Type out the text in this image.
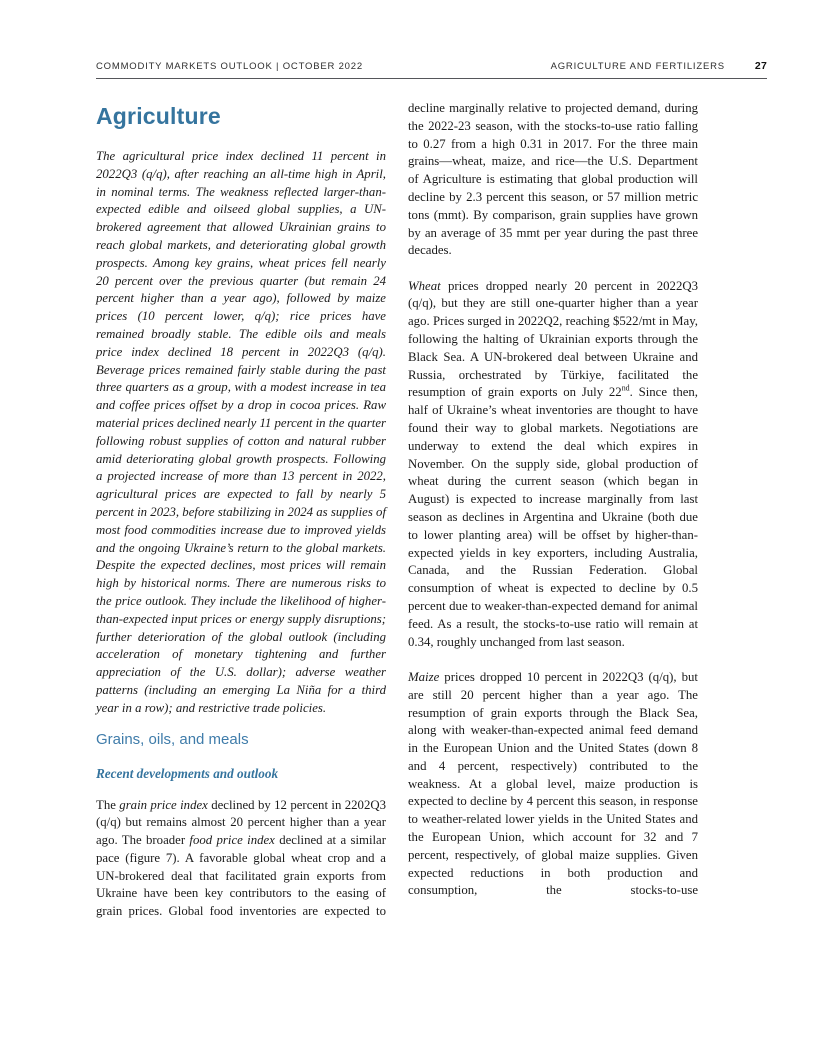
COMMODITY MARKETS OUTLOOK | OCTOBER 2022	AGRICULTURE AND FERTILIZERS	27
Agriculture

The agricultural price index declined 11 percent in 2022Q3 (q/q), after reaching an all-time high in April, in nominal terms. The weakness reflected larger-than-expected edible and oilseed global supplies, a UN-brokered agreement that allowed Ukrainian grains to reach global markets, and deteriorating global growth prospects. Among key grains, wheat prices fell nearly 20 percent over the previous quarter (but remain 24 percent higher than a year ago), followed by maize prices (10 percent lower, q/q); rice prices have remained broadly stable. The edible oils and meals price index declined 18 percent in 2022Q3 (q/q). Beverage prices remained fairly stable during the past three quarters as a group, with a modest increase in tea and coffee prices offset by a drop in cocoa prices. Raw material prices declined nearly 11 percent in the quarter following robust supplies of cotton and natural rubber amid deteriorating global growth prospects. Following a projected increase of more than 13 percent in 2022, agricultural prices are expected to fall by nearly 5 percent in 2023, before stabilizing in 2024 as supplies of most food commodities increase due to improved yields and the ongoing Ukraine’s return to the global markets. Despite the expected declines, most prices will remain high by historical norms. There are numerous risks to the price outlook. They include the likelihood of higher-than-expected input prices or energy supply disruptions; further deterioration of the global outlook (including acceleration of monetary tightening and further appreciation of the U.S. dollar); adverse weather patterns (including an emerging La Niña for a third year in a row); and restrictive trade policies.

Grains, oils, and meals
Recent developments and outlook

The grain price index declined by 12 percent in 2202Q3 (q/q) but remains almost 20 percent higher than a year ago. The broader food price index declined at a similar pace (figure 7). A favorable global wheat crop and a UN-brokered deal that facilitated grain exports from Ukraine have been key contributors to the easing of grain prices. Global food inventories are expected to

decline marginally relative to projected demand, during the 2022-23 season, with the stocks-to-use ratio falling to 0.27 from a high 0.31 in 2017. For the three main grains—wheat, maize, and rice—the U.S. Department of Agriculture is estimating that global production will decline by 2.3 percent this season, or 57 million metric tons (mmt). By comparison, grain supplies have grown by an average of 35 mmt per year during the past three decades.

Wheat prices dropped nearly 20 percent in 2022Q3 (q/q), but they are still one-quarter higher than a year ago. Prices surged in 2022Q2, reaching $522/mt in May, following the halting of Ukrainian exports through the Black Sea. A UN-brokered deal between Ukraine and Russia, orchestrated by Türkiye, facilitated the resumption of grain exports on July 22nd. Since then, half of Ukraine’s wheat inventories are thought to have found their way to global markets. Negotiations are underway to extend the deal which expires in November. On the supply side, global production of wheat during the current season (which began in August) is expected to increase marginally from last season as declines in Argentina and Ukraine (both due to lower planting area) will be offset by higher-than-expected yields in key exporters, including Australia, Canada, and the Russian Federation. Global consumption of wheat is expected to decline by 0.5 percent due to weaker-than-expected demand for animal feed. As a result, the stocks-to-use ratio will remain at 0.34, roughly unchanged from last season.

Maize prices dropped 10 percent in 2022Q3 (q/q), but are still 20 percent higher than a year ago. The resumption of grain exports through the Black Sea, along with weaker-than-expected animal feed demand in the European Union and the United States (down 8 and 4 percent, respectively) contributed to the weakness. At a global level, maize production is expected to decline by 4 percent this season, in response to weather-related lower yields in the United States and the European Union, which account for 32 and 7 percent, respectively, of global maize supplies. Given expected reductions in both production and consumption, the stocks-to-use
